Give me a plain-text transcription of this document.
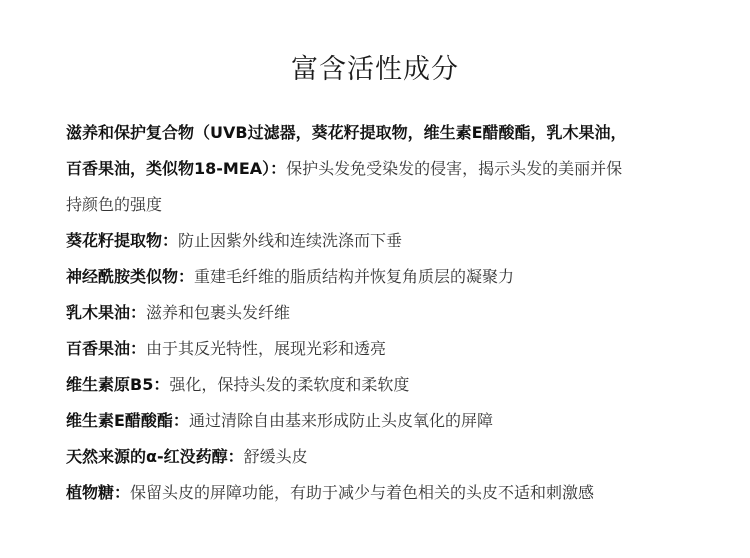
富含活性成分
滋养和保护复合物（UVB过滤器，葵花籽提取物，维生素E醋酸酯，乳木果油，
百香果油，类似物18-MEA）：保护头发免受染发的侵害，揭示头发的美丽并保
持颜色的强度
葵花籽提取物：防止因紫外线和连续洗涤而下垂
神经酰胺类似物：重建毛纤维的脂质结构并恢复角质层的凝聚力
乳木果油：滋养和包裹头发纤维
百香果油：由于其反光特性，展现光彩和透亮
维生素原B5：强化，保持头发的柔软度和柔软度
维生素E醋酸酯：通过清除自由基来形成防止头皮氧化的屏障
天然来源的α-红没药醇：舒缓头皮
植物糖：保留头皮的屏障功能，有助于减少与着色相关的头皮不适和刺激感
